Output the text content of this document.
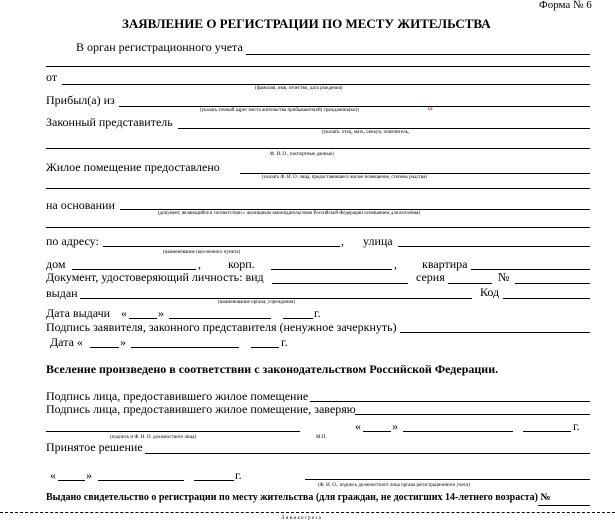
Форма № 6
ЗАЯВЛЕНИЕ О РЕГИСТРАЦИИ ПО МЕСТУ ЖИТЕЛЬСТВА
В орган регистрационного учета
от
(фамилия, имя, отчество, дата рождения)
Прибыл(а) из
(указать точный адрес места жительства прибывшего(ей) гражданина(ки))
Законный представитель
(указать: отец, мать, опекун, попечитель,
Ф. И. О., паспортные данные)
Жилое помещение предоставлено
(указать Ф. И. О. лица, предоставившего жилое помещение, степень родства)
на основании
(документ, являющийся в соответствии с жилищным законодательством Российской Федерации основанием для вселения)
по адресу:	, улица
(наименование населенного пункта)
дом	, корп.	, квартира
Документ, удостоверяющий личность: вид	серия	№
выдан	Код
(наименование органа, учреждения)
Дата выдачи «	»	г.
Подпись заявителя, законного представителя (ненужное зачеркнуть)
Дата «	»	г.
Вселение произведено в соответствии с законодательством Российской Федерации.
Подпись лица, предоставившего жилое помещение
Подпись лица, предоставившего жилое помещение, заверяю
(подпись и Ф. И. О. должностного лица)	М.П.
«	»	г.
Принятое решение
ω
«	»	г.
(Ф. И. О., подпись должностного лица органа регистрационного учета)
Выдано свидетельство о регистрации по месту жительства (для граждан, не достигших 14-летнего возраста) №
Л и н и я о т р е з а
